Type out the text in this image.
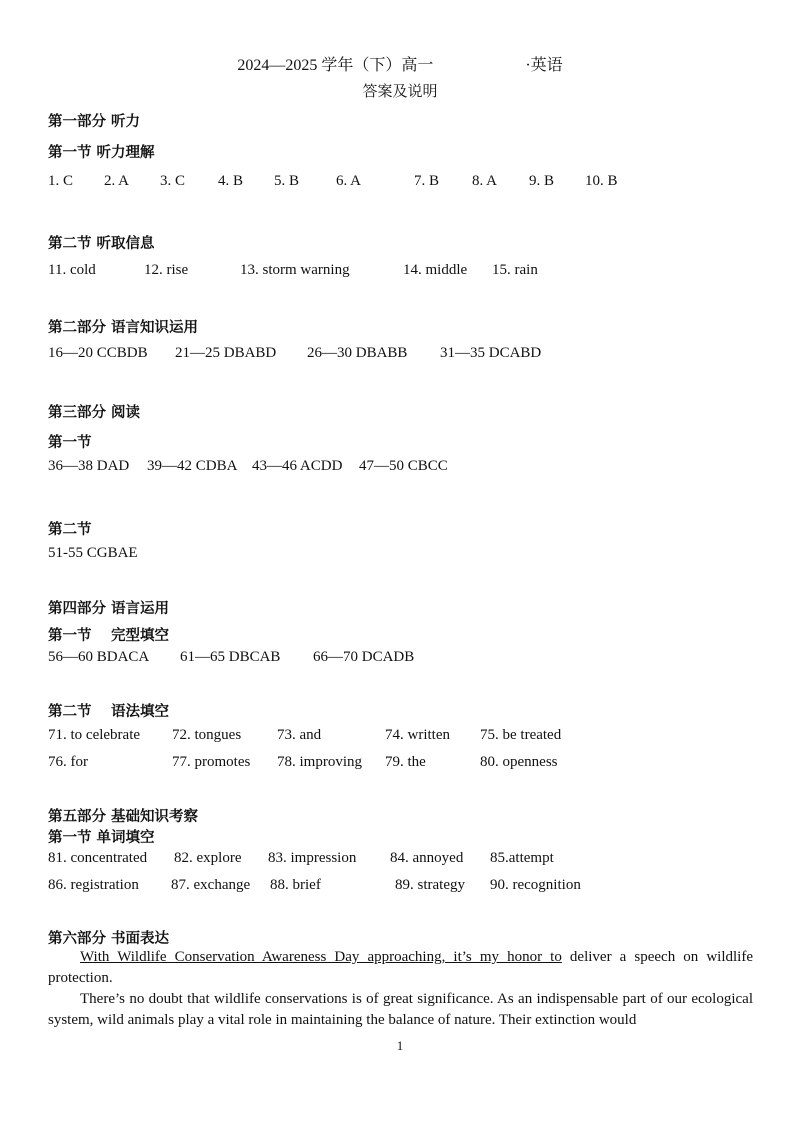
2024—2025 学年（下）高一	·英语
答案及说明
第一部分 听力
第一节 听力理解
1. C 2. A 3. C 4. B 5. B 6. A	7. B 8. A 9. B 10. B
第二节 听取信息
11. cold	12. rise	13. storm warning	14. middle 15. rain
第二部分 语言知识运用
16—20 CCBDB 21—25 DBABD 26—30 DBABB 31—35 DCABD
第三部分 阅读
第一节
36—38 DAD 39—42 CDBA 43—46 ACDD 47—50 CBCC
第二节
51-55 CGBAE
第四部分 语言运用
第一节　 完型填空
56—60 BDACA 61—65 DBCAB 66—70 DCADB
第二节　 语法填空
71. to celebrate 72. tongues 73. and	74. written 75. be treated
76. for	77. promotes 78. improving 79. the	80. openness
第五部分 基础知识考察
第一节 单词填空
81. concentrated 82. explore 83. impression 84. annoyed 85.attempt
86. registration 87. exchange 88. brief	89. strategy 90. recognition
第六部分 书面表达
With Wildlife Conservation Awareness Day approaching, it’s my honor to deliver a speech on wildlife protection.
There’s no doubt that wildlife conservations is of great significance. As an indispensable part of our ecological system, wild animals play a vital role in maintaining the balance of nature. Their extinction would
1
